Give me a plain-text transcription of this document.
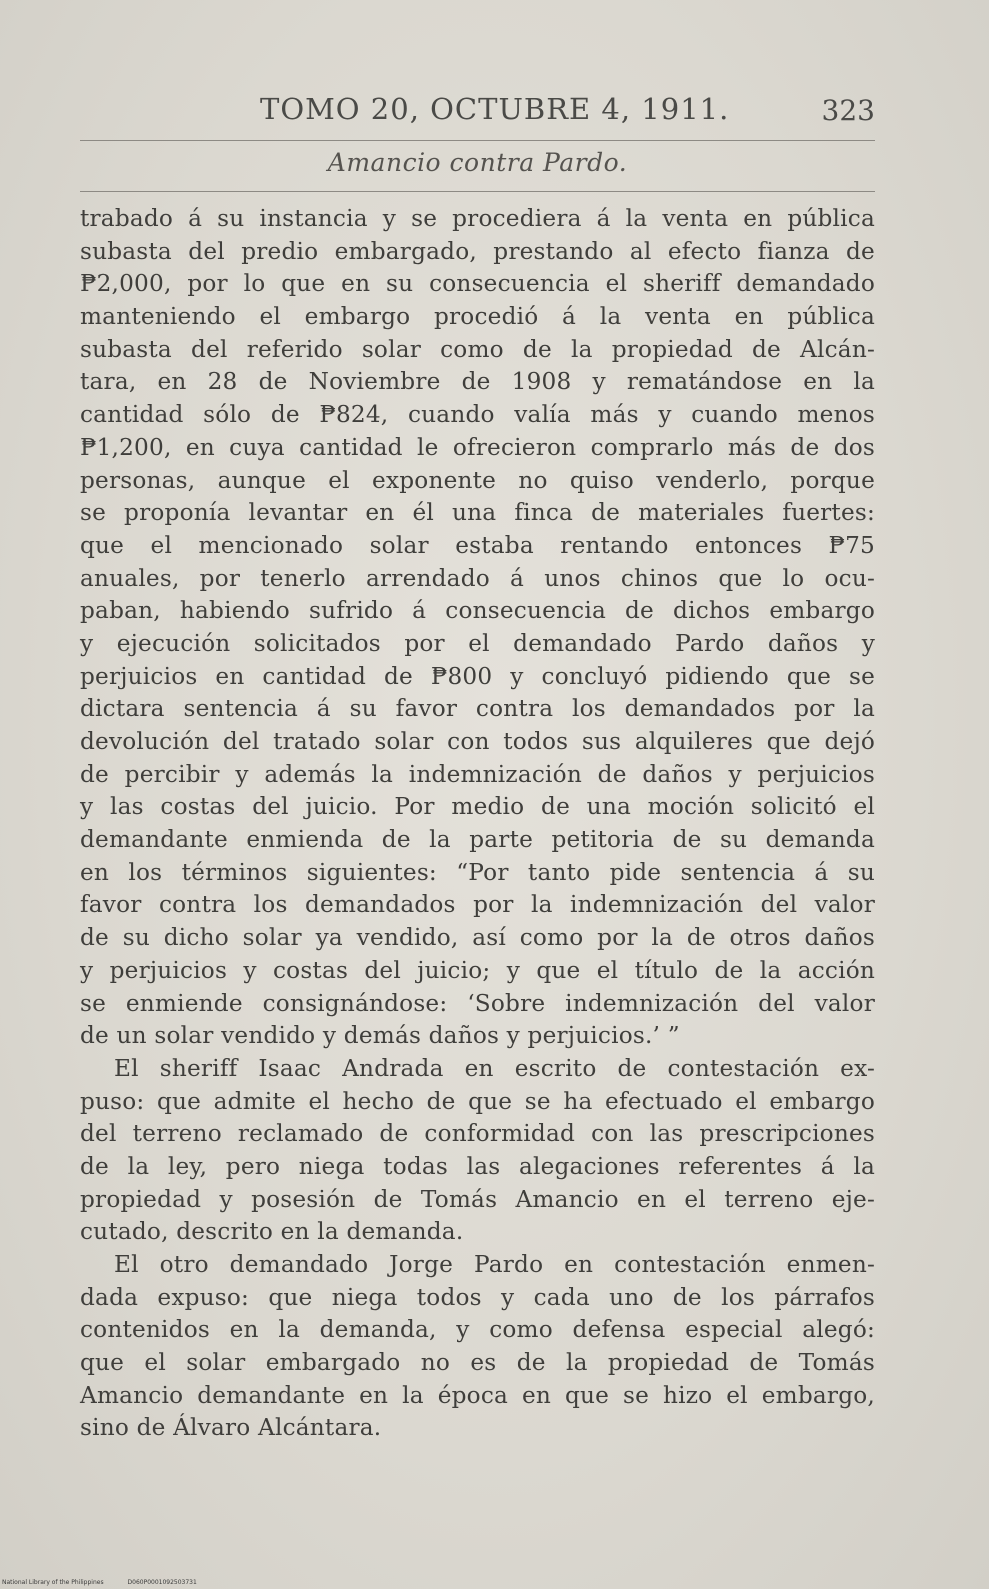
TOMO 20, OCTUBRE 4, 1911.	323
Amancio contra Pardo.
trabado á su instancia y se procediera á la venta en pública
subasta del predio embargado, prestando al efecto fianza de
₱2,000, por lo que en su consecuencia el sheriff demandado
manteniendo el embargo procedió á la venta en pública
subasta del referido solar como de la propiedad de Alcán-
tara, en 28 de Noviembre de 1908 y rematándose en la
cantidad sólo de ₱824, cuando valía más y cuando menos
₱1,200, en cuya cantidad le ofrecieron comprarlo más de dos
personas, aunque el exponente no quiso venderlo, porque
se proponía levantar en él una finca de materiales fuertes:
que el mencionado solar estaba rentando entonces ₱75
anuales, por tenerlo arrendado á unos chinos que lo ocu-
paban, habiendo sufrido á consecuencia de dichos embargo
y ejecución solicitados por el demandado Pardo daños y
perjuicios en cantidad de ₱800 y concluyó pidiendo que se
dictara sentencia á su favor contra los demandados por la
devolución del tratado solar con todos sus alquileres que dejó
de percibir y además la indemnización de daños y perjuicios
y las costas del juicio. Por medio de una moción solicitó el
demandante enmienda de la parte petitoria de su demanda
en los términos siguientes: “Por tanto pide sentencia á su
favor contra los demandados por la indemnización del valor
de su dicho solar ya vendido, así como por la de otros daños
y perjuicios y costas del juicio; y que el título de la acción
se enmiende consignándose: ‘Sobre indemnización del valor
de un solar vendido y demás daños y perjuicios.’ ”
El sheriff Isaac Andrada en escrito de contestación ex-
puso: que admite el hecho de que se ha efectuado el embargo
del terreno reclamado de conformidad con las prescripciones
de la ley, pero niega todas las alegaciones referentes á la
propiedad y posesión de Tomás Amancio en el terreno eje-
cutado, descrito en la demanda.
El otro demandado Jorge Pardo en contestación enmen-
dada expuso: que niega todos y cada uno de los párrafos
contenidos en la demanda, y como defensa especial alegó:
que el solar embargado no es de la propiedad de Tomás
Amancio demandante en la época en que se hizo el embargo,
sino de Álvaro Alcántara.
National Library of the Philippines	D060P0001092503731
